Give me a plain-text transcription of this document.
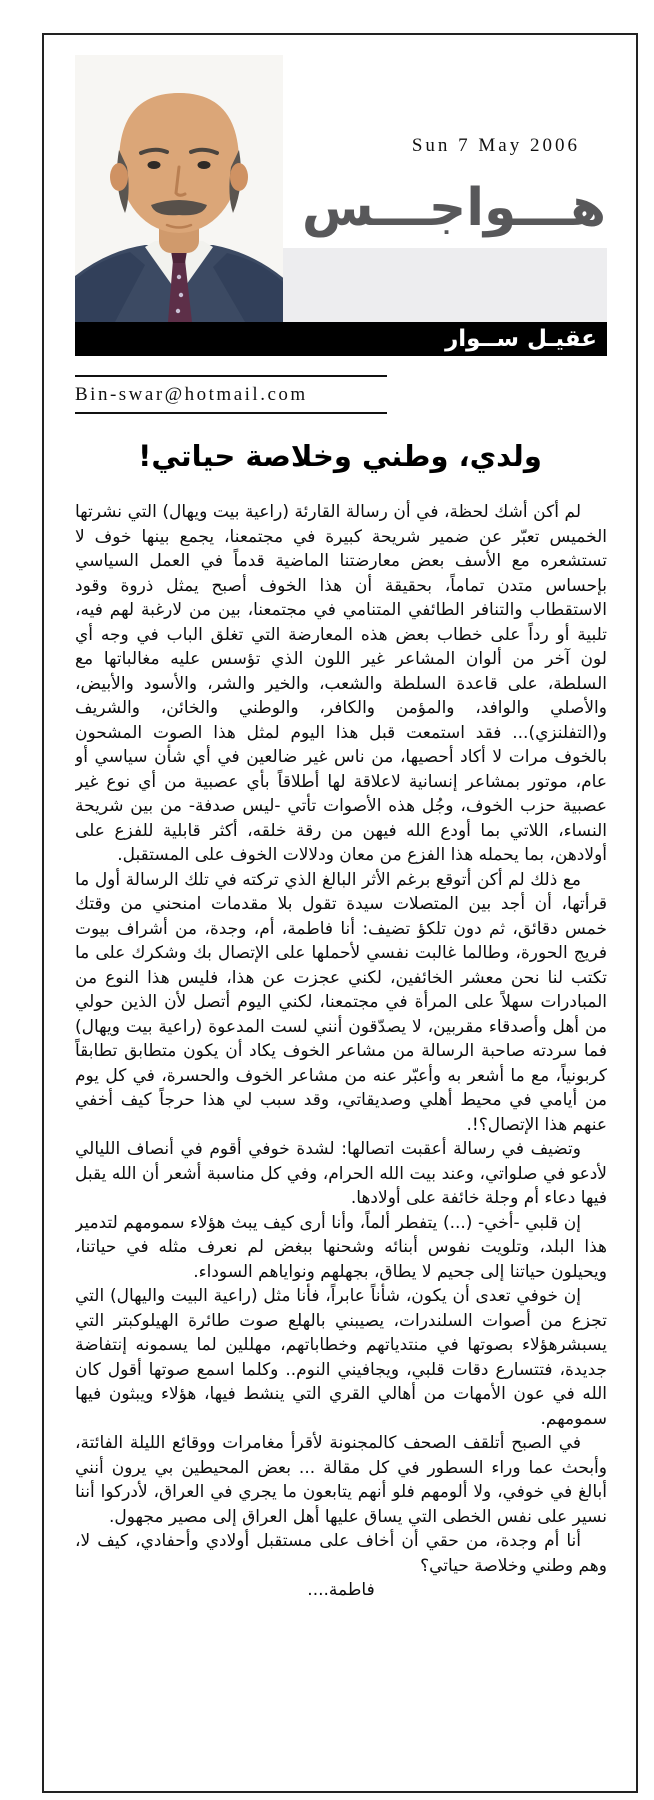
Sun 7 May 2006
هـــواجـــس
عقيـل ســوار
Bin-swar@hotmail.com
ولدي، وطني وخلاصة حياتي!

لم أكن أشك لحظة، في أن رسالة القارئة (راعية بيت ويهال) التي نشرتها الخميس تعبّر عن ضمير شريحة كبيرة في مجتمعنا، يجمع بينها خوف لا تستشعره مع الأسف بعض معارضتنا الماضية قدماً في العمل السياسي بإحساس متدن تماماً، بحقيقة أن هذا الخوف أصبح يمثل ذروة وقود الاستقطاب والتنافر الطائفي المتنامي في مجتمعنا، بين من لارغبة لهم فيه، تلبية أو رداً على خطاب بعض هذه المعارضة التي تغلق الباب في وجه أي لون آخر من ألوان المشاعر غير اللون الذي تؤسس عليه مغالباتها مع السلطة، على قاعدة السلطة والشعب، والخير والشر، والأسود والأبيض، والأصلي والوافد، والمؤمن والكافر، والوطني والخائن، والشريف و(التفلنزي)... فقد استمعت قبل هذا اليوم لمثل هذا الصوت المشحون بالخوف مرات لا أكاد أحصيها، من ناس غير ضالعين في أي شأن سياسي أو عام، موتور بمشاعر إنسانية لاعلاقة لها أطلاقاً بأي عصبية من أي نوع غير عصبية حزب الخوف، وجُل هذه الأصوات تأتي -ليس صدفة- من بين شريحة النساء، اللاتي بما أودع الله فيهن من رقة خلقه، أكثر قابلية للفزع على أولادهن، بما يحمله هذا الفزع من معان ودلالات الخوف على المستقبل.

مع ذلك لم أكن أتوقع برغم الأثر البالغ الذي تركته في تلك الرسالة أول ما قرأتها، أن أجد بين المتصلات سيدة تقول بلا مقدمات امنحني من وقتك خمس دقائق، ثم دون تلكؤ تضيف: أنا فاطمة، أم، وجدة، من أشراف بيوت فريج الحورة، وطالما غالبت نفسي لأحملها على الإتصال بك وشكرك على ما تكتب لنا نحن معشر الخائفين، لكني عجزت عن هذا، فليس هذا النوع من المبادرات سهلاً على المرأة في مجتمعنا، لكني اليوم أتصل لأن الذين حولي من أهل وأصدقاء مقربين، لا يصدّقون أنني لست المدعوة (راعية بيت ويهال) فما سردته صاحبة الرسالة من مشاعر الخوف يكاد أن يكون متطابق تطابقاً كربونياً، مع ما أشعر به وأعبّر عنه من مشاعر الخوف والحسرة، في كل يوم من أيامي في محيط أهلي وصديقاتي، وقد سبب لي هذا حرجاً كيف أخفي عنهم هذا الإتصال؟!.

وتضيف في رسالة أعقبت اتصالها: لشدة خوفي أقوم في أنصاف الليالي لأدعو في صلواتي، وعند بيت الله الحرام، وفي كل مناسبة أشعر أن الله يقبل فيها دعاء أم وجلة خائفة على أولادها.

إن قلبي -أخي- (...) يتفطر ألماً، وأنا أرى كيف يبث هؤلاء سمومهم لتدمير هذا البلد، وتلويت نفوس أبنائه وشحنها ببغض لم نعرف مثله في حياتنا، ويحيلون حياتنا إلى جحيم لا يطاق، بجهلهم ونواياهم السوداء.

إن خوفي تعدى أن يكون، شأناً عابراً، فأنا مثل (راعية البيت واليهال) التي تجزع من أصوات السلندرات، يصيبني بالهلع صوت طائرة الهيلوكبتر التي يسبشرهؤلاء بصوتها في منتدياتهم وخطاباتهم، مهللين لما يسمونه إنتفاضة جديدة، فتتسارع دقات قلبي، ويجافيني النوم.. وكلما اسمع صوتها أقول كان الله في عون الأمهات من أهالي القري التي ينشط فيها، هؤلاء ويبثون فيها سمومهم.

في الصبح أتلقف الصحف كالمجنونة لأقرأ مغامرات ووقائع الليلة الفائتة، وأبحث عما وراء السطور في كل مقالة ... بعض المحيطين بي يرون أنني أبالغ في خوفي، ولا ألومهم فلو أنهم يتابعون ما يجري في العراق، لأدركوا أننا نسير على نفس الخطى التي يساق عليها أهل العراق إلى مصير مجهول.

أنا أم وجدة، من حقي أن أخاف على مستقبل أولادي وأحفادي، كيف لا، وهم وطني وخلاصة حياتي؟

فاطمة....
